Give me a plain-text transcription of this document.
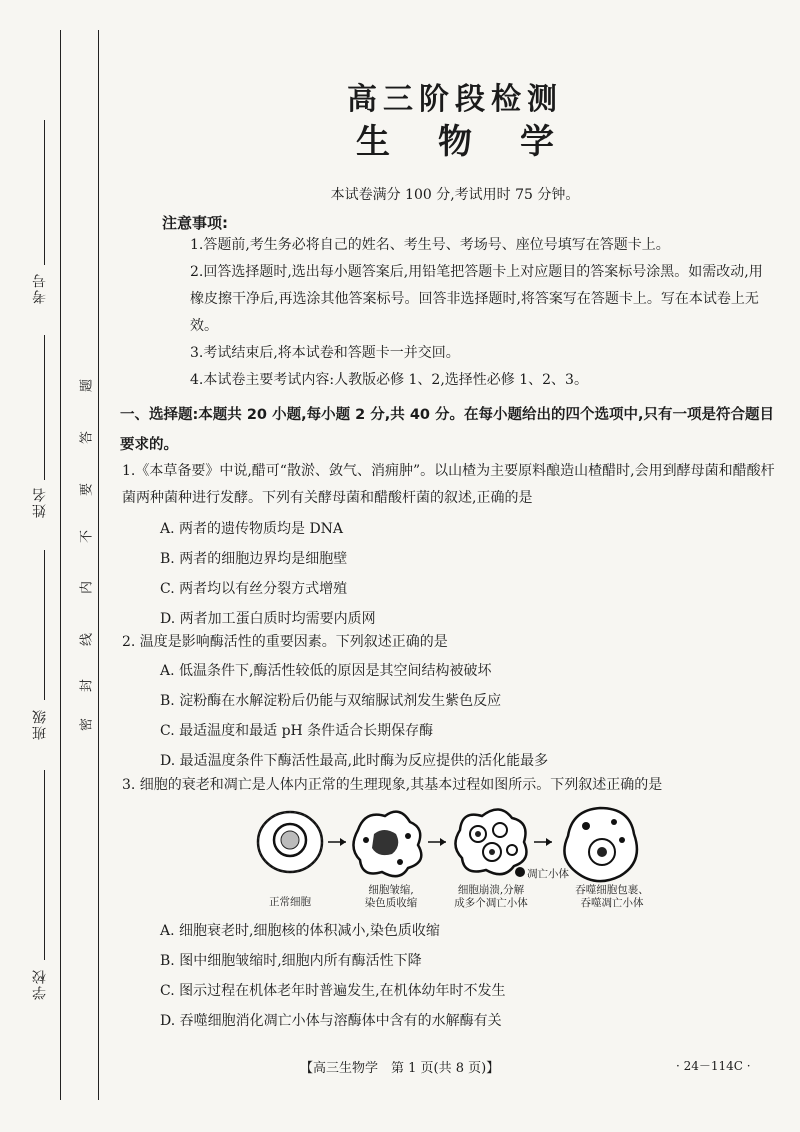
考号
姓名
班级
学校
密
封
线
内
不
要
答
题
高三阶段检测
生 物 学
本试卷满分 100 分,考试用时 75 分钟。
注意事项:
1.答题前,考生务必将自己的姓名、考生号、考场号、座位号填写在答题卡上。
2.回答选择题时,选出每小题答案后,用铅笔把答题卡上对应题目的答案标号涂黑。如需改动,用橡皮擦干净后,再选涂其他答案标号。回答非选择题时,将答案写在答题卡上。写在本试卷上无效。
3.考试结束后,将本试卷和答题卡一并交回。
4.本试卷主要考试内容:人教版必修 1、2,选择性必修 1、2、3。
一、选择题:本题共 20 小题,每小题 2 分,共 40 分。在每小题给出的四个选项中,只有一项是符合题目要求的。
1.《本草备要》中说,醋可“散淤、敛气、消痈肿”。以山楂为主要原料酿造山楂醋时,会用到酵母菌和醋酸杆菌两种菌种进行发酵。下列有关酵母菌和醋酸杆菌的叙述,正确的是
A. 两者的遗传物质均是 DNA
B. 两者的细胞边界均是细胞壁
C. 两者均以有丝分裂方式增殖
D. 两者加工蛋白质时均需要内质网
2. 温度是影响酶活性的重要因素。下列叙述正确的是
A. 低温条件下,酶活性较低的原因是其空间结构被破坏
B. 淀粉酶在水解淀粉后仍能与双缩脲试剂发生紫色反应
C. 最适温度和最适 pH 条件适合长期保存酶
D. 最适温度条件下酶活性最高,此时酶为反应提供的活化能最多
3. 细胞的衰老和凋亡是人体内正常的生理现象,其基本过程如图所示。下列叙述正确的是
正常细胞
细胞皱缩,
染色质收缩
细胞崩溃,分解
成多个凋亡小体
凋亡小体
吞噬细胞包裹、
吞噬凋亡小体
A. 细胞衰老时,细胞核的体积减小,染色质收缩
B. 图中细胞皱缩时,细胞内所有酶活性下降
C. 图示过程在机体老年时普遍发生,在机体幼年时不发生
D. 吞噬细胞消化凋亡小体与溶酶体中含有的水解酶有关
【高三生物学　第 1 页(共 8 页)】	· 24－114C ·
